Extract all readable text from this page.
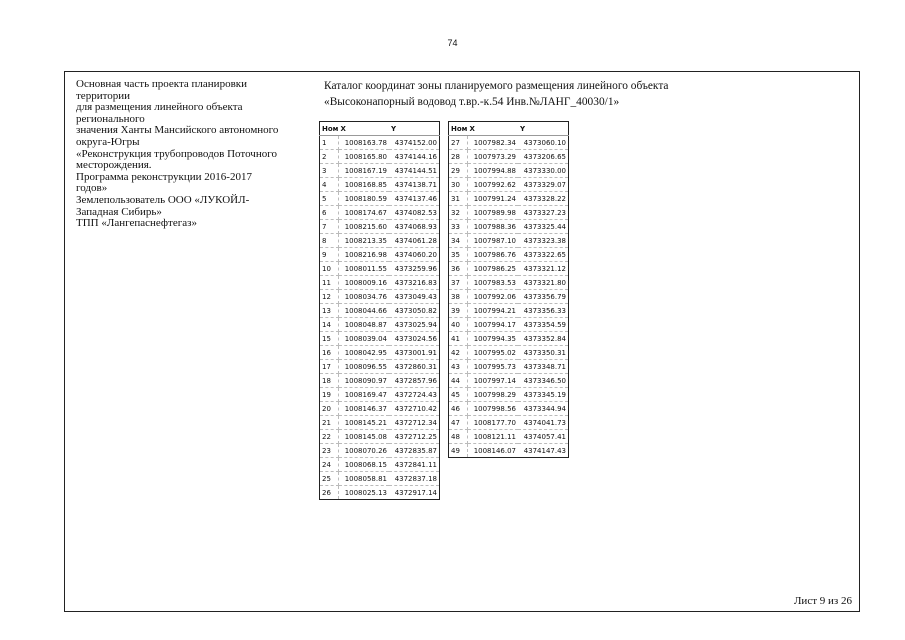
74
Основная часть проекта планировки
территории
для размещения линейного объекта
регионального
значения Ханты Мансийского автономного
округа-Югры
«Реконструкция трубопроводов Поточного
месторождения.
Программа реконструкции 2016-2017
годов»
Землепользователь ООО «ЛУКОЙЛ-
Западная Сибирь»
ТПП «Лангепаснефтегаз»
Каталог координат зоны планируемого размещения линейного объекта
«Высоконапорный водовод т.вр.-к.54 Инв.№ЛАНГ_40030/1»
Ном	X	Y
1	1008163.78	4374152.00
2	1008165.80	4374144.16
3	1008167.19	4374144.51
4	1008168.85	4374138.71
5	1008180.59	4374137.46
6	1008174.67	4374082.53
7	1008215.60	4374068.93
8	1008213.35	4374061.28
9	1008216.98	4374060.20
10	1008011.55	4373259.96
11	1008009.16	4373216.83
12	1008034.76	4373049.43
13	1008044.66	4373050.82
14	1008048.87	4373025.94
15	1008039.04	4373024.56
16	1008042.95	4373001.91
17	1008096.55	4372860.31
18	1008090.97	4372857.96
19	1008169.47	4372724.43
20	1008146.37	4372710.42
21	1008145.21	4372712.34
22	1008145.08	4372712.25
23	1008070.26	4372835.87
24	1008068.15	4372841.11
25	1008058.81	4372837.18
26	1008025.13	4372917.14
Ном	X	Y
27	1007982.34	4373060.10
28	1007973.29	4373206.65
29	1007994.88	4373330.00
30	1007992.62	4373329.07
31	1007991.24	4373328.22
32	1007989.98	4373327.23
33	1007988.36	4373325.44
34	1007987.10	4373323.38
35	1007986.76	4373322.65
36	1007986.25	4373321.12
37	1007983.53	4373321.80
38	1007992.06	4373356.79
39	1007994.21	4373356.33
40	1007994.17	4373354.59
41	1007994.35	4373352.84
42	1007995.02	4373350.31
43	1007995.73	4373348.71
44	1007997.14	4373346.50
45	1007998.29	4373345.19
46	1007998.56	4373344.94
47	1008177.70	4374041.73
48	1008121.11	4374057.41
49	1008146.07	4374147.43
Лист 9 из 26
